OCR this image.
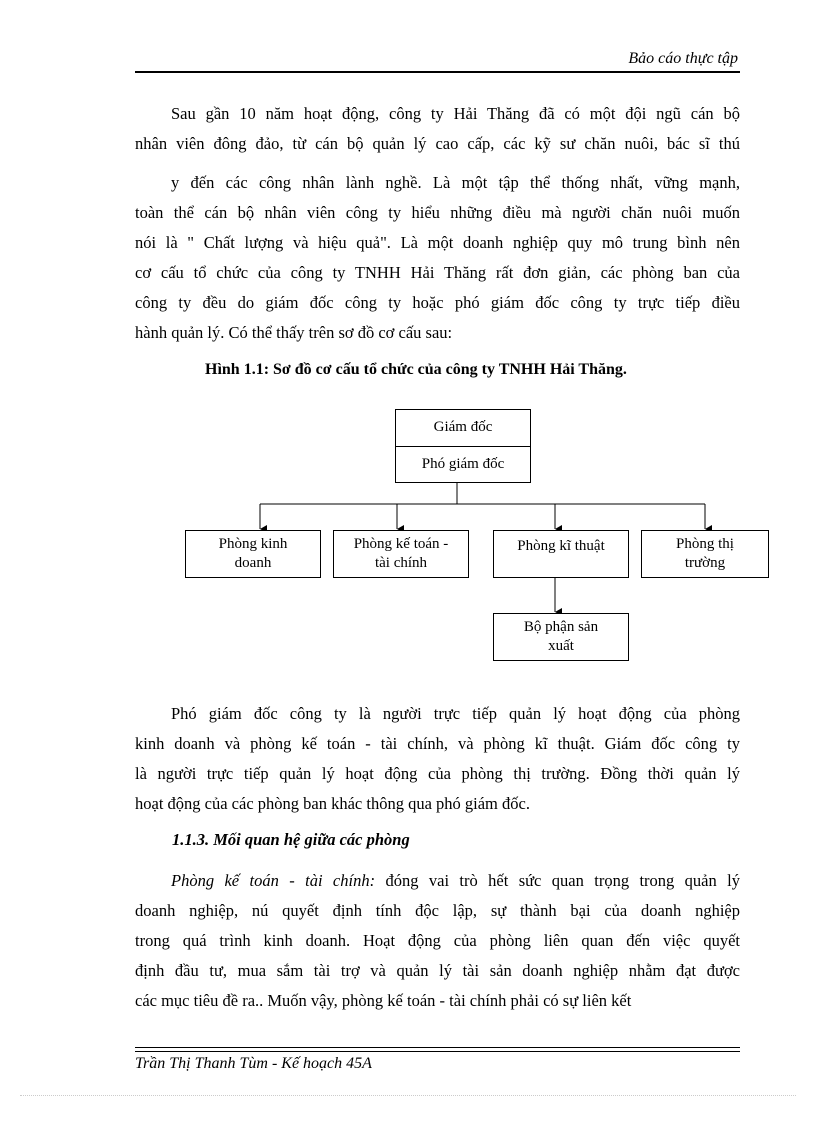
Bảo cáo thực tập
Sau gần 10 năm hoạt động, công ty Hải Thăng đã có một đội ngũ cán bộ
nhân viên đông đảo, từ cán bộ quản lý cao cấp, các kỹ sư chăn nuôi, bác sĩ thú
y đến các công nhân lành nghề. Là một tập thể thống nhất, vững mạnh,
toàn thể cán bộ nhân viên công ty hiểu những điều mà người chăn nuôi muốn
nói là " Chất lượng và hiệu quả". Là một doanh nghiệp quy mô trung bình nên
cơ cấu tổ chức của công ty TNHH Hải Thăng rất đơn giản, các phòng ban của
công ty đều do giám đốc công ty hoặc phó giám đốc công ty trực tiếp điều
hành quản lý. Có thể thấy trên sơ đồ cơ cấu sau:
Hình 1.1: Sơ đồ cơ cấu tổ chức của công ty TNHH Hải Thăng.
Giám đốc
Phó giám đốc
Phòng kinh
doanh
Phòng kế toán -
tài chính
Phòng kĩ thuật	Phòng thị
trường
Bộ phận sản
xuất
Phó giám đốc công ty là người trực tiếp quản lý hoạt động của phòng
kinh doanh và phòng kế toán - tài chính, và phòng kĩ thuật. Giám đốc công ty
là người trực tiếp quản lý hoạt động của phòng thị trường. Đồng thời quản lý
hoạt động của các phòng ban khác thông qua phó giám đốc.
1.1.3. Mối quan hệ giữa các phòng
Phòng kế toán - tài chính: đóng vai trò hết sức quan trọng trong quản lý
doanh nghiệp, nú quyết định tính độc lập, sự thành bại của doanh nghiệp
trong quá trình kinh doanh. Hoạt động của phòng liên quan đến việc quyết
định đầu tư, mua sắm tài trợ và quản lý tài sản doanh nghiệp nhằm đạt được
các mục tiêu đề ra.. Muốn vậy, phòng kế toán - tài chính phải có sự liên kết
Trần Thị Thanh Tùm - Kế hoạch 45A
